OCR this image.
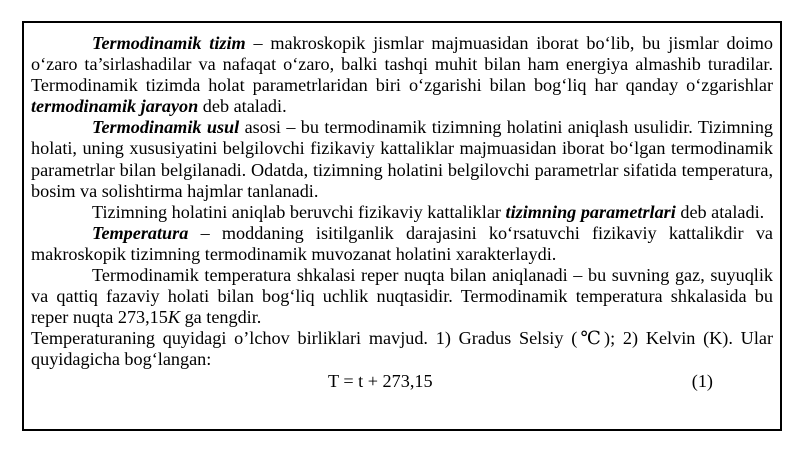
Termodinamik tizim – makroskopik jismlar majmuasidan iborat bo‘lib, bu jismlar doimo o‘zaro ta’sirlashadilar va nafaqat o‘zaro, balki tashqi muhit bilan ham energiya almashib turadilar. Termodinamik tizimda holat parametrlaridan biri o‘zgarishi bilan bog‘liq har qanday o‘zgarishlar termodinamik jarayon deb ataladi.

Termodinamik usul asosi – bu termodinamik tizimning holatini aniqlash usulidir. Tizimning holati, uning xususiyatini belgilovchi fizikaviy kattaliklar majmuasidan iborat bo‘lgan termodinamik parametrlar bilan belgilanadi. Odatda, tizimning holatini belgilovchi parametrlar sifatida temperatura, bosim va solishtirma hajmlar tanlanadi.

Tizimning holatini aniqlab beruvchi fizikaviy kattaliklar tizimning parametrlari deb ataladi.

Temperatura – moddaning isitilganlik darajasini ko‘rsatuvchi fizikaviy kattalikdir va makroskopik tizimning termodinamik muvozanat holatini xarakterlaydi.

Termodinamik temperatura shkalasi reper nuqta bilan aniqlanadi – bu suvning gaz, suyuqlik va qattiq fazaviy holati bilan bog‘liq uchlik nuqtasidir. Termodinamik temperatura shkalasida bu reper nuqta 273,15K ga tengdir.

Temperaturaning quyidagi o’lchov birliklari mavjud. 1) Gradus Selsiy (℃); 2) Kelvin (K). Ular quyidagicha bog‘langan:

T = t + 273,15	(1)
